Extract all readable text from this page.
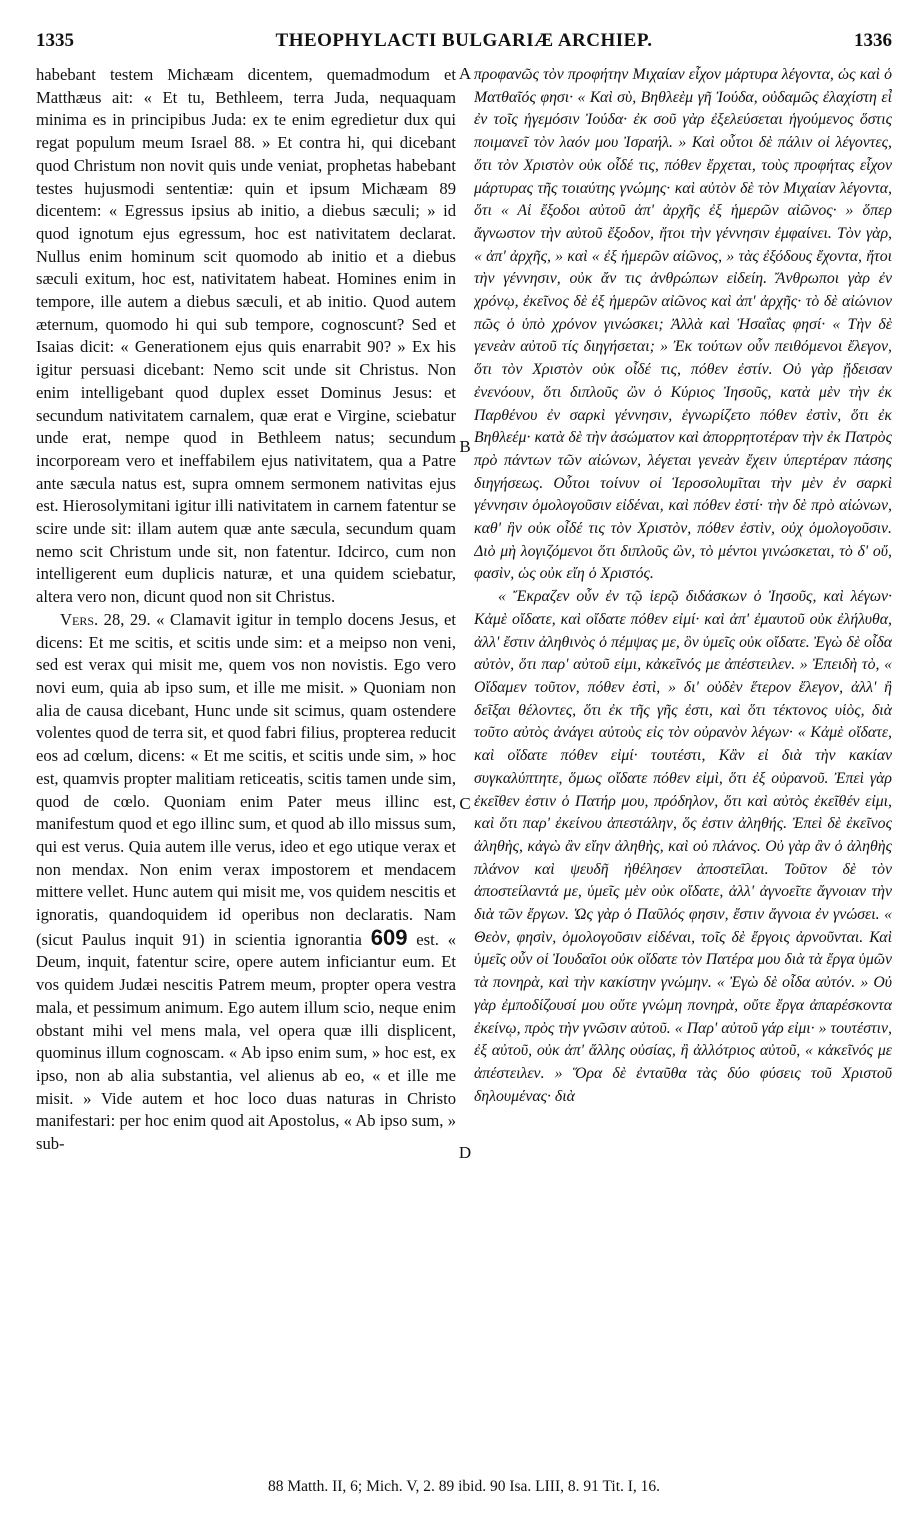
1335	THEOPHYLACTI BULGARIÆ ARCHIEP.	1336

habebant testem Michæam dicentem, quemadmodum et Matthæus ait: « Et tu, Bethleem, terra Juda, nequaquam minima es in principibus Juda: ex te enim egredietur dux qui regat populum meum Israel 88. » Et contra hi, qui dicebant quod Christum non novit quis unde veniat, prophetas habebant testes hujusmodi sententiæ: quin et ipsum Michæam 89 dicentem: « Egressus ipsius ab initio, a diebus sæculi; » id quod ignotum ejus egressum, hoc est nativitatem declarat. Nullus enim hominum scit quomodo ab initio et a diebus sæculi exitum, hoc est, nativitatem habeat. Homines enim in tempore, ille autem a diebus sæculi, et ab initio. Quod autem æternum, quomodo hi qui sub tempore, cognoscunt? Sed et Isaias dicit: « Generationem ejus quis enarrabit 90? » Ex his igitur persuasi dicebant: Nemo scit unde sit Christus. Non enim intelligebant quod duplex esset Dominus Jesus: et secundum nativitatem carnalem, quæ erat e Virgine, sciebatur unde erat, nempe quod in Bethleem natus; secundum incorpoream vero et ineffabilem ejus nativitatem, qua a Patre ante sæcula natus est, supra omnem sermonem nativitas ejus est. Hierosolymitani igitur illi nativitatem in carnem fatentur se scire unde sit: illam autem quæ ante sæcula, secundum quam nemo scit Christum unde sit, non fatentur. Idcirco, cum non intelligerent eum duplicis naturæ, et una quidem sciebatur, altera vero non, dicunt quod non sit Christus.

Vers. 28, 29. « Clamavit igitur in templo docens Jesus, et dicens: Et me scitis, et scitis unde sim: et a meipso non veni, sed est verax qui misit me, quem vos non novistis. Ego vero novi eum, quia ab ipso sum, et ille me misit. » Quoniam non alia de causa dicebant, Hunc unde sit scimus, quam ostendere volentes quod de terra sit, et quod fabri filius, propterea reducit eos ad cœlum, dicens: « Et me scitis, et scitis unde sim, » hoc est, quamvis propter malitiam reticeatis, scitis tamen unde sim, quod de cœlo. Quoniam enim Pater meus illinc est, manifestum quod et ego illinc sum, et quod ab illo missus sum, qui est verus. Quia autem ille verus, ideo et ego utique verax et non mendax. Non enim verax impostorem et mendacem mittere vellet. Hunc autem qui misit me, vos quidem nescitis et ignoratis, quandoquidem id operibus non declaratis. Nam (sicut Paulus inquit 91) in scientia ignorantia 609 est. « Deum, inquit, fatentur scire, opere autem inficiantur eum. Et vos quidem Judæi nescitis Patrem meum, propter opera vestra mala, et pessimum animum. Ego autem illum scio, neque enim obstant mihi vel mens mala, vel opera quæ illi displicent, quominus illum cognoscam. « Ab ipso enim sum, » hoc est, ex ipso, non ab alia substantia, vel alienus ab eo, « et ille me misit. » Vide autem et hoc loco duas naturas in Christo manifestari: per hoc enim quod ait Apostolus, « Ab ipso sum, » sub-

A
B
C
D

προφανῶς τὸν προφήτην Μιχαίαν εἶχον μάρτυρα λέγοντα, ὡς καὶ ὁ Ματθαῖός φησι· « Καὶ σὺ, Βηθλεὲμ γῆ Ἰούδα, οὐδαμῶς ἐλαχίστη εἶ ἐν τοῖς ἡγεμόσιν Ἰούδα· ἐκ σοῦ γὰρ ἐξελεύσεται ἡγούμενος ὅστις ποιμανεῖ τὸν λαόν μου Ἰσραήλ. » Καὶ οὗτοι δὲ πάλιν οἱ λέγοντες, ὅτι τὸν Χριστὸν οὐκ οἶδέ τις, πόθεν ἔρχεται, τοὺς προφήτας εἶχον μάρτυρας τῆς τοιαύτης γνώμης· καὶ αὐτὸν δὲ τὸν Μιχαίαν λέγοντα, ὅτι « Αἱ ἔξοδοι αὐτοῦ ἀπ' ἀρχῆς ἐξ ἡμερῶν αἰῶνος· » ὅπερ ἄγνωστον τὴν αὐτοῦ ἔξοδον, ἤτοι τὴν γέννησιν ἐμφαίνει. Τὸν γὰρ, « ἀπ' ἀρχῆς, » καὶ « ἐξ ἡμερῶν αἰῶνος, » τὰς ἐξόδους ἔχοντα, ἤτοι τὴν γέννησιν, οὐκ ἄν τις ἀνθρώπων εἰδείη. Ἄνθρωποι γὰρ ἐν χρόνῳ, ἐκεῖνος δὲ ἐξ ἡμερῶν αἰῶνος καὶ ἀπ' ἀρχῆς· τὸ δὲ αἰώνιον πῶς ὁ ὑπὸ χρόνον γινώσκει; Ἀλλὰ καὶ Ἡσαΐας φησί· « Τὴν δὲ γενεὰν αὐτοῦ τίς διηγήσεται; » Ἐκ τούτων οὖν πειθόμενοι ἔλεγον, ὅτι τὸν Χριστὸν οὐκ οἶδέ τις, πόθεν ἐστίν. Οὐ γὰρ ᾔδεισαν ἐνενόουν, ὅτι διπλοῦς ὢν ὁ Κύριος Ἰησοῦς, κατὰ μὲν τὴν ἐκ Παρθένου ἐν σαρκὶ γέννησιν, ἐγνωρίζετο πόθεν ἐστὶν, ὅτι ἐκ Βηθλεέμ· κατὰ δὲ τὴν ἀσώματον καὶ ἀπορρητοτέραν τὴν ἐκ Πατρὸς πρὸ πάντων τῶν αἰώνων, λέγεται γενεὰν ἔχειν ὑπερτέραν πάσης διηγήσεως. Οὗτοι τοίνυν οἱ Ἱεροσολυμῖται τὴν μὲν ἐν σαρκὶ γέννησιν ὁμολογοῦσιν εἰδέναι, καὶ πόθεν ἐστί· τὴν δὲ πρὸ αἰώνων, καθ' ἣν οὐκ οἶδέ τις τὸν Χριστὸν, πόθεν ἐστὶν, οὐχ ὁμολογοῦσιν. Διὸ μὴ λογιζόμενοι ὅτι διπλοῦς ὢν, τὸ μέντοι γινώσκεται, τὸ δ' οὔ, φασὶν, ὡς οὐκ εἴη ὁ Χριστός.

« Ἔκραζεν οὖν ἐν τῷ ἱερῷ διδάσκων ὁ Ἰησοῦς, καὶ λέγων· Κἀμὲ οἴδατε, καὶ οἴδατε πόθεν εἰμί· καὶ ἀπ' ἐμαυτοῦ οὐκ ἐλήλυθα, ἀλλ' ἔστιν ἀληθινὸς ὁ πέμψας με, ὃν ὑμεῖς οὐκ οἴδατε. Ἐγὼ δὲ οἶδα αὐτὸν, ὅτι παρ' αὐτοῦ εἰμι, κἀκεῖνός με ἀπέστειλεν. » Ἐπειδὴ τὸ, « Οἴδαμεν τοῦτον, πόθεν ἐστὶ, » δι' οὐδὲν ἕτερον ἔλεγον, ἀλλ' ἢ δεῖξαι θέλοντες, ὅτι ἐκ τῆς γῆς ἐστι, καὶ ὅτι τέκτονος υἱὸς, διὰ τοῦτο αὐτὸς ἀνάγει αὐτοὺς εἰς τὸν οὐρανὸν λέγων· « Κἀμὲ οἴδατε, καὶ οἴδατε πόθεν εἰμί· τουτέστι, Κἂν εἰ διὰ τὴν κακίαν συγκαλύπτητε, ὅμως οἴδατε πόθεν εἰμὶ, ὅτι ἐξ οὐρανοῦ. Ἐπεὶ γὰρ ἐκεῖθεν ἐστιν ὁ Πατήρ μου, πρόδηλον, ὅτι καὶ αὐτὸς ἐκεῖθέν εἰμι, καὶ ὅτι παρ' ἐκείνου ἀπεστάλην, ὅς ἐστιν ἀληθής. Ἐπεὶ δὲ ἐκεῖνος ἀληθὴς, κἀγὼ ἂν εἴην ἀληθὴς, καὶ οὐ πλάνος. Οὐ γὰρ ἂν ὁ ἀληθὴς πλάνον καὶ ψευδῆ ἠθέλησεν ἀποστεῖλαι. Τοῦτον δὲ τὸν ἀποστείλαντά με, ὑμεῖς μὲν οὐκ οἴδατε, ἀλλ' ἀγνοεῖτε ἄγνοιαν τὴν διὰ τῶν ἔργων. Ὡς γὰρ ὁ Παῦλός φησιν, ἔστιν ἄγνοια ἐν γνώσει. « Θεὸν, φησὶν, ὁμολογοῦσιν εἰδέναι, τοῖς δὲ ἔργοις ἀρνοῦνται. Καὶ ὑμεῖς οὖν οἱ Ἰουδαῖοι οὐκ οἴδατε τὸν Πατέρα μου διὰ τὰ ἔργα ὑμῶν τὰ πονηρὰ, καὶ τὴν κακίστην γνώμην. « Ἐγὼ δὲ οἶδα αὐτόν. » Οὐ γὰρ ἐμποδίζουσί μου οὔτε γνώμη πονηρὰ, οὔτε ἔργα ἀπαρέσκοντα ἐκείνῳ, πρὸς τὴν γνῶσιν αὐτοῦ. « Παρ' αὐτοῦ γάρ εἰμι· » τουτέστιν, ἐξ αὐτοῦ, οὐκ ἀπ' ἄλλης οὐσίας, ἢ ἀλλότριος αὐτοῦ, « κἀκεῖνός με ἀπέστειλεν. » Ὅρα δὲ ἐνταῦθα τὰς δύο φύσεις τοῦ Χριστοῦ δηλουμένας· διὰ

88 Matth. II, 6; Mich. V, 2. 89 ibid. 90 Isa. LIII, 8. 91 Tit. I, 16.
